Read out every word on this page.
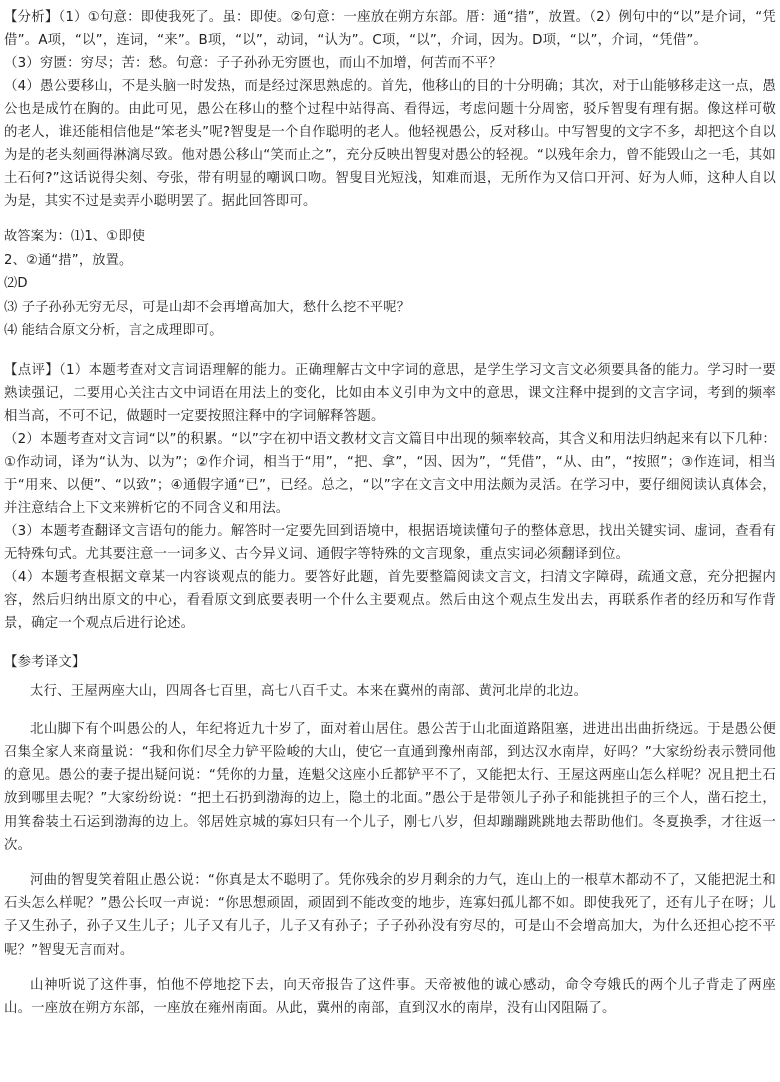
【分析】（1）①句意：即使我死了。虽：即使。②句意：一座放在朔方东部。厝：通“措”，放置。（2）例句中的“以”是介词，“凭借”。A项，“以”，连词，“来”。B项，“以”，动词，“认为”。C项，“以”，介词，因为。D项，“以”，介词，“凭借”。

（3）穷匮：穷尽；苦：愁。句意：子子孙孙无穷匮也，而山不加增，何苦而不平？

（4）愚公要移山，不是头脑一时发热，而是经过深思熟虑的。首先，他移山的目的十分明确；其次，对于山能够移走这一点，愚公也是成竹在胸的。由此可见，愚公在移山的整个过程中站得高、看得远，考虑问题十分周密，驳斥智叟有理有据。像这样可敬的老人，谁还能相信他是“笨老头”呢?智叟是一个自作聪明的老人。他轻视愚公，反对移山。中写智叟的文字不多，却把这个自以为是的老头刻画得淋漓尽致。他对愚公移山“笑而止之”，充分反映出智叟对愚公的轻视。“以残年余力，曾不能毁山之一毛，其如土石何?”这话说得尖刻、夸张，带有明显的嘲讽口吻。智叟目光短浅，知难而退，无所作为又信口开河、好为人师，这种人自以为是，其实不过是卖弄小聪明罢了。据此回答即可。

故答案为：⑴1、①即使

2、②通“措”，放置。

⑵D

⑶ 子子孙孙无穷无尽，可是山却不会再增高加大，愁什么挖不平呢？

⑷ 能结合原文分析，言之成理即可。

【点评】（1）本题考查对文言词语理解的能力。正确理解古文中字词的意思，是学生学习文言文必须要具备的能力。学习时一要熟读强记，二要用心关注古文中词语在用法上的变化，比如由本义引申为文中的意思，课文注释中提到的文言字词，考到的频率相当高，不可不记，做题时一定要按照注释中的字词解释答题。

（2）本题考查对文言词“以”的积累。“以”字在初中语文教材文言文篇目中出现的频率较高，其含义和用法归纳起来有以下几种：①作动词，译为“认为、以为”；②作介词，相当于“用”，“把、拿”，“因、因为”，“凭借”，“从、由”，“按照”；③作连词，相当于“用来、以便”、“以致”；④通假字通“已”，已经。总之，“以”字在文言文中用法颇为灵活。在学习中，要仔细阅读认真体会，并注意结合上下文来辨析它的不同含义和用法。

（3）本题考查翻译文言语句的能力。解答时一定要先回到语境中，根据语境读懂句子的整体意思，找出关键实词、虚词，查看有无特殊句式。尤其要注意一一词多义、古今异义词、通假字等特殊的文言现象，重点实词必须翻译到位。

（4）本题考查根据文章某一内容谈观点的能力。要答好此题，首先要整篇阅读文言文，扫清文字障碍，疏通文意，充分把握内容，然后归纳出原文的中心，看看原文到底要表明一个什么主要观点。然后由这个观点生发出去，再联系作者的经历和写作背景，确定一个观点后进行论述。

【参考译文】

太行、王屋两座大山，四周各七百里，高七八百千丈。本来在冀州的南部、黄河北岸的北边。

北山脚下有个叫愚公的人，年纪将近九十岁了，面对着山居住。愚公苦于山北面道路阻塞，进进出出曲折绕远。于是愚公便召集全家人来商量说：“我和你们尽全力铲平险峻的大山，使它一直通到豫州南部，到达汉水南岸，好吗？”大家纷纷表示赞同他的意见。愚公的妻子提出疑问说：“凭你的力量，连魁父这座小丘都铲平不了，又能把太行、王屋这两座山怎么样呢？况且把土石放到哪里去呢？”大家纷纷说：“把土石扔到渤海的边上，隐土的北面。”愚公于是带领儿子孙子和能挑担子的三个人，凿石挖土，用箕畚装土石运到渤海的边上。邻居姓京城的寡妇只有一个儿子，刚七八岁，但却蹦蹦跳跳地去帮助他们。冬夏换季，才往返一次。

河曲的智叟笑着阻止愚公说：“你真是太不聪明了。凭你残余的岁月剩余的力气，连山上的一根草木都动不了，又能把泥土和石头怎么样呢？”愚公长叹一声说：“你思想顽固，顽固到不能改变的地步，连寡妇孤儿都不如。即使我死了，还有儿子在呀；儿子又生孙子，孙子又生儿子；儿子又有儿子，儿子又有孙子；子子孙孙没有穷尽的，可是山不会增高加大，为什么还担心挖不平呢？”智叟无言而对。

山神听说了这件事，怕他不停地挖下去，向天帝报告了这件事。天帝被他的诚心感动，命令夸娥氏的两个儿子背走了两座山。一座放在朔方东部，一座放在雍州南面。从此，冀州的南部，直到汉水的南岸，没有山冈阻隔了。
